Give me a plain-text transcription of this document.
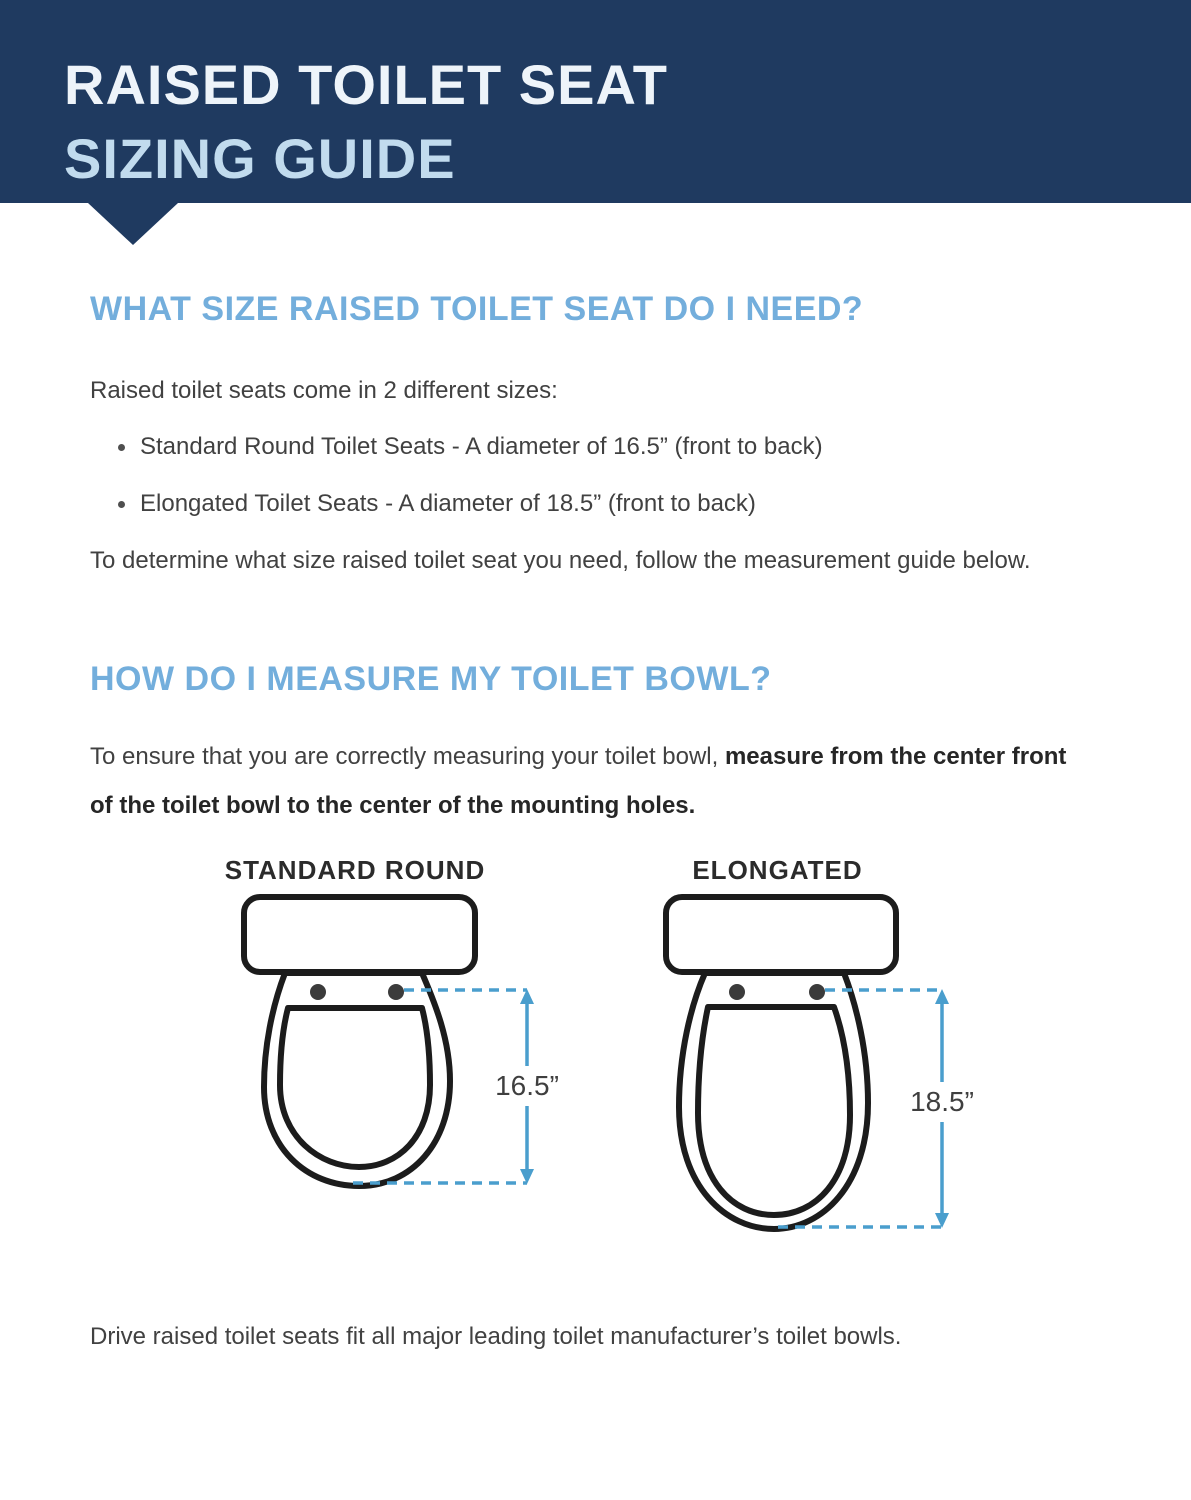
RAISED TOILET SEAT
SIZING GUIDE
WHAT SIZE RAISED TOILET SEAT DO I NEED?

Raised toilet seats come in 2 different sizes:

Standard Round Toilet Seats - A diameter of 16.5” (front to back)
Elongated Toilet Seats - A diameter of 18.5” (front to back)

To determine what size raised toilet seat you need, follow the measurement guide below.

HOW DO I MEASURE MY TOILET BOWL?

To ensure that you are correctly measuring your toilet bowl, measure from the center front of the toilet bowl to the center of the mounting holes.

STANDARD ROUND	ELONGATED
16.5”
18.5”

Drive raised toilet seats fit all major leading toilet manufacturer’s toilet bowls.
